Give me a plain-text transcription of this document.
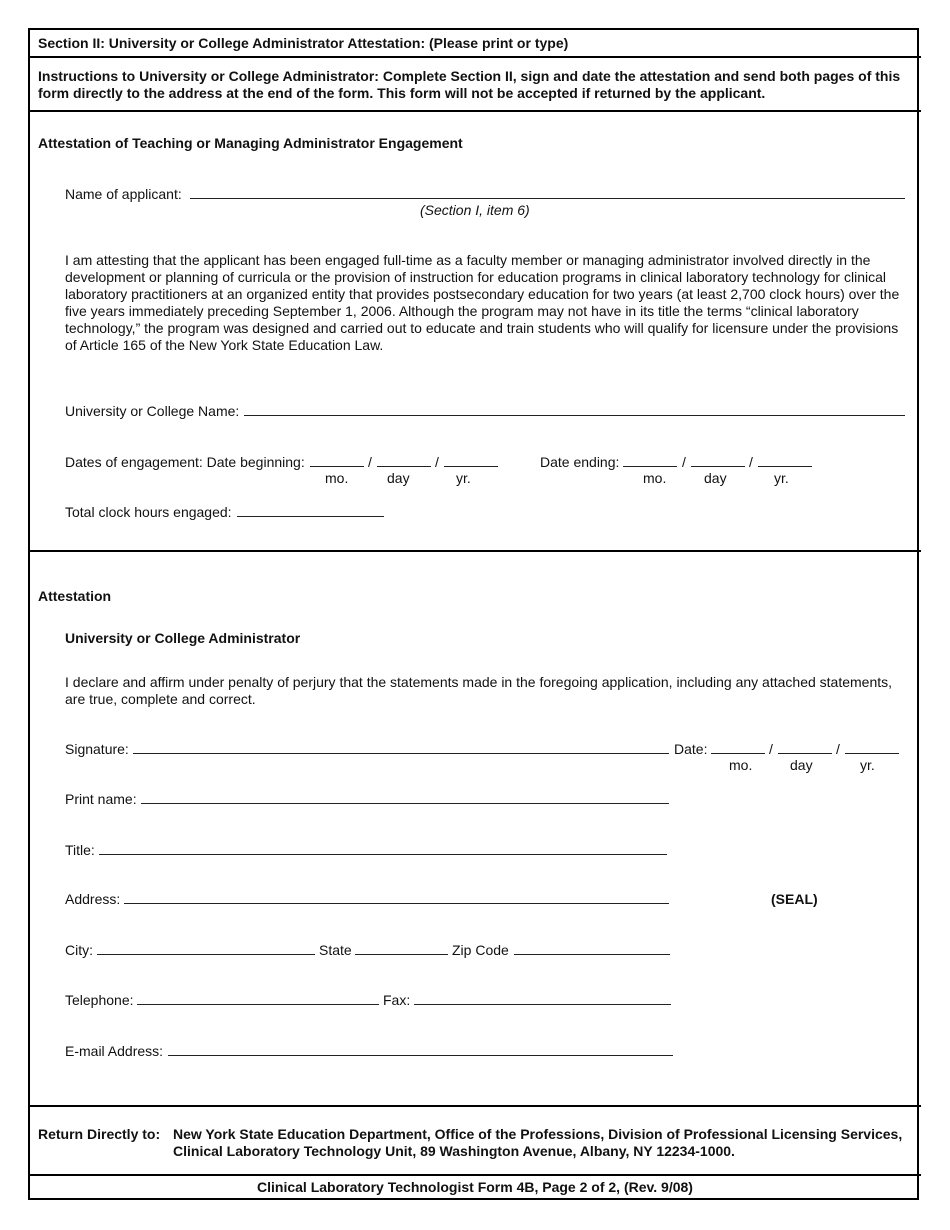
Section II: University or College Administrator Attestation: (Please print or type)
Instructions to University or College Administrator: Complete Section II, sign and date the attestation and send both pages of this form directly to the address at the end of the form. This form will not be accepted if returned by the applicant.
Attestation of Teaching or Managing Administrator Engagement
Name of applicant:
(Section I, item 6)
I am attesting that the applicant has been engaged full-time as a faculty member or managing administrator involved directly in the development or planning of curricula or the provision of instruction for education programs in clinical laboratory technology for clinical laboratory practitioners at an organized entity that provides postsecondary education for two years (at least 2,700 clock hours) over the five years immediately preceding September 1, 2006. Although the program may not have in its title the terms “clinical laboratory technology,” the program was designed and carried out to educate and train students who will qualify for licensure under the provisions of Article 165 of the New York State Education Law.
University or College Name:
Dates of engagement: Date beginning:	/	/
mo.	day	yr.
Date ending:	/	/
mo.	day	yr.
Total clock hours engaged:
Attestation
University or College Administrator
I declare and affirm under penalty of perjury that the statements made in the foregoing application, including any attached statements, are true, complete and correct.
Signature:	Date:	/	/
mo.	day	yr.
Print name:
Title:
Address:	(SEAL)
City:	State	Zip Code
Telephone:	Fax:
E-mail Address:
Return Directly to: New York State Education Department, Office of the Professions, Division of Professional Licensing Services, Clinical Laboratory Technology Unit, 89 Washington Avenue, Albany, NY 12234-1000.
Clinical Laboratory Technologist Form 4B, Page 2 of 2, (Rev. 9/08)
